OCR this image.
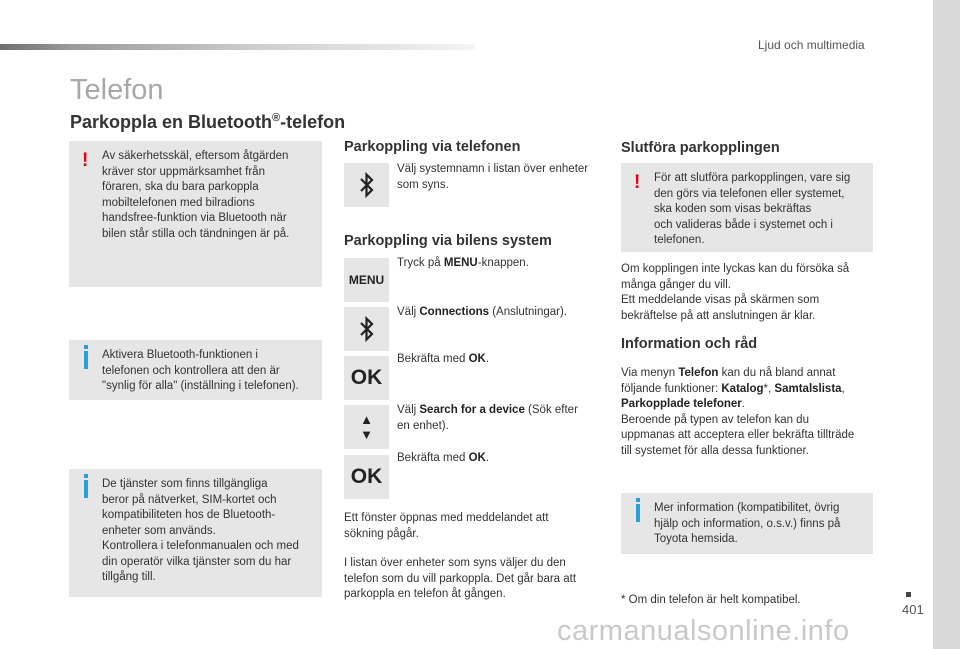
Ljud och multimedia
Telefon
Parkoppla en Bluetooth®-telefon
! Av säkerhetsskäl, eftersom åtgärden
kräver stor uppmärksamhet från
föraren, ska du bara parkoppla
mobiltelefonen med bilradions
handsfree-funktion via Bluetooth när
bilen står stilla och tändningen är på.
Aktivera Bluetooth-funktionen i
telefonen och kontrollera att den är
"synlig för alla" (inställning i telefonen).
De tjänster som finns tillgängliga
beror på nätverket, SIM-kortet och
kompatibiliteten hos de Bluetooth-
enheter som används.
Kontrollera i telefonmanualen och med
din operatör vilka tjänster som du har
tillgång till.
Parkoppling via telefonen
Välj systemnamn i listan över enheter
som syns.
Parkoppling via bilens system
MENU
Tryck på MENU-knappen.
Välj Connections (Anslutningar).
OK
Bekräfta med OK.
▲
▼
Välj Search for a device (Sök efter
en enhet).
OK
Bekräfta med OK.
Ett fönster öppnas med meddelandet att
sökning pågår.
I listan över enheter som syns väljer du den
telefon som du vill parkoppla. Det går bara att
parkoppla en telefon åt gången.
Slutföra parkopplingen
! För att slutföra parkopplingen, vare sig
den görs via telefonen eller systemet,
ska koden som visas bekräftas
och valideras både i systemet och i
telefonen.
Om kopplingen inte lyckas kan du försöka så
många gånger du vill.
Ett meddelande visas på skärmen som
bekräftelse på att anslutningen är klar.
Information och råd
Via menyn Telefon kan du nå bland annat
följande funktioner: Katalog*, Samtalslista,
Parkopplade telefoner.
Beroende på typen av telefon kan du
uppmanas att acceptera eller bekräfta tillträde
till systemet för alla dessa funktioner.
Mer information (kompatibilitet, övrig
hjälp och information, o.s.v.) finns på
Toyota hemsida.
* Om din telefon är helt kompatibel.
401
carmanualsonline.info
